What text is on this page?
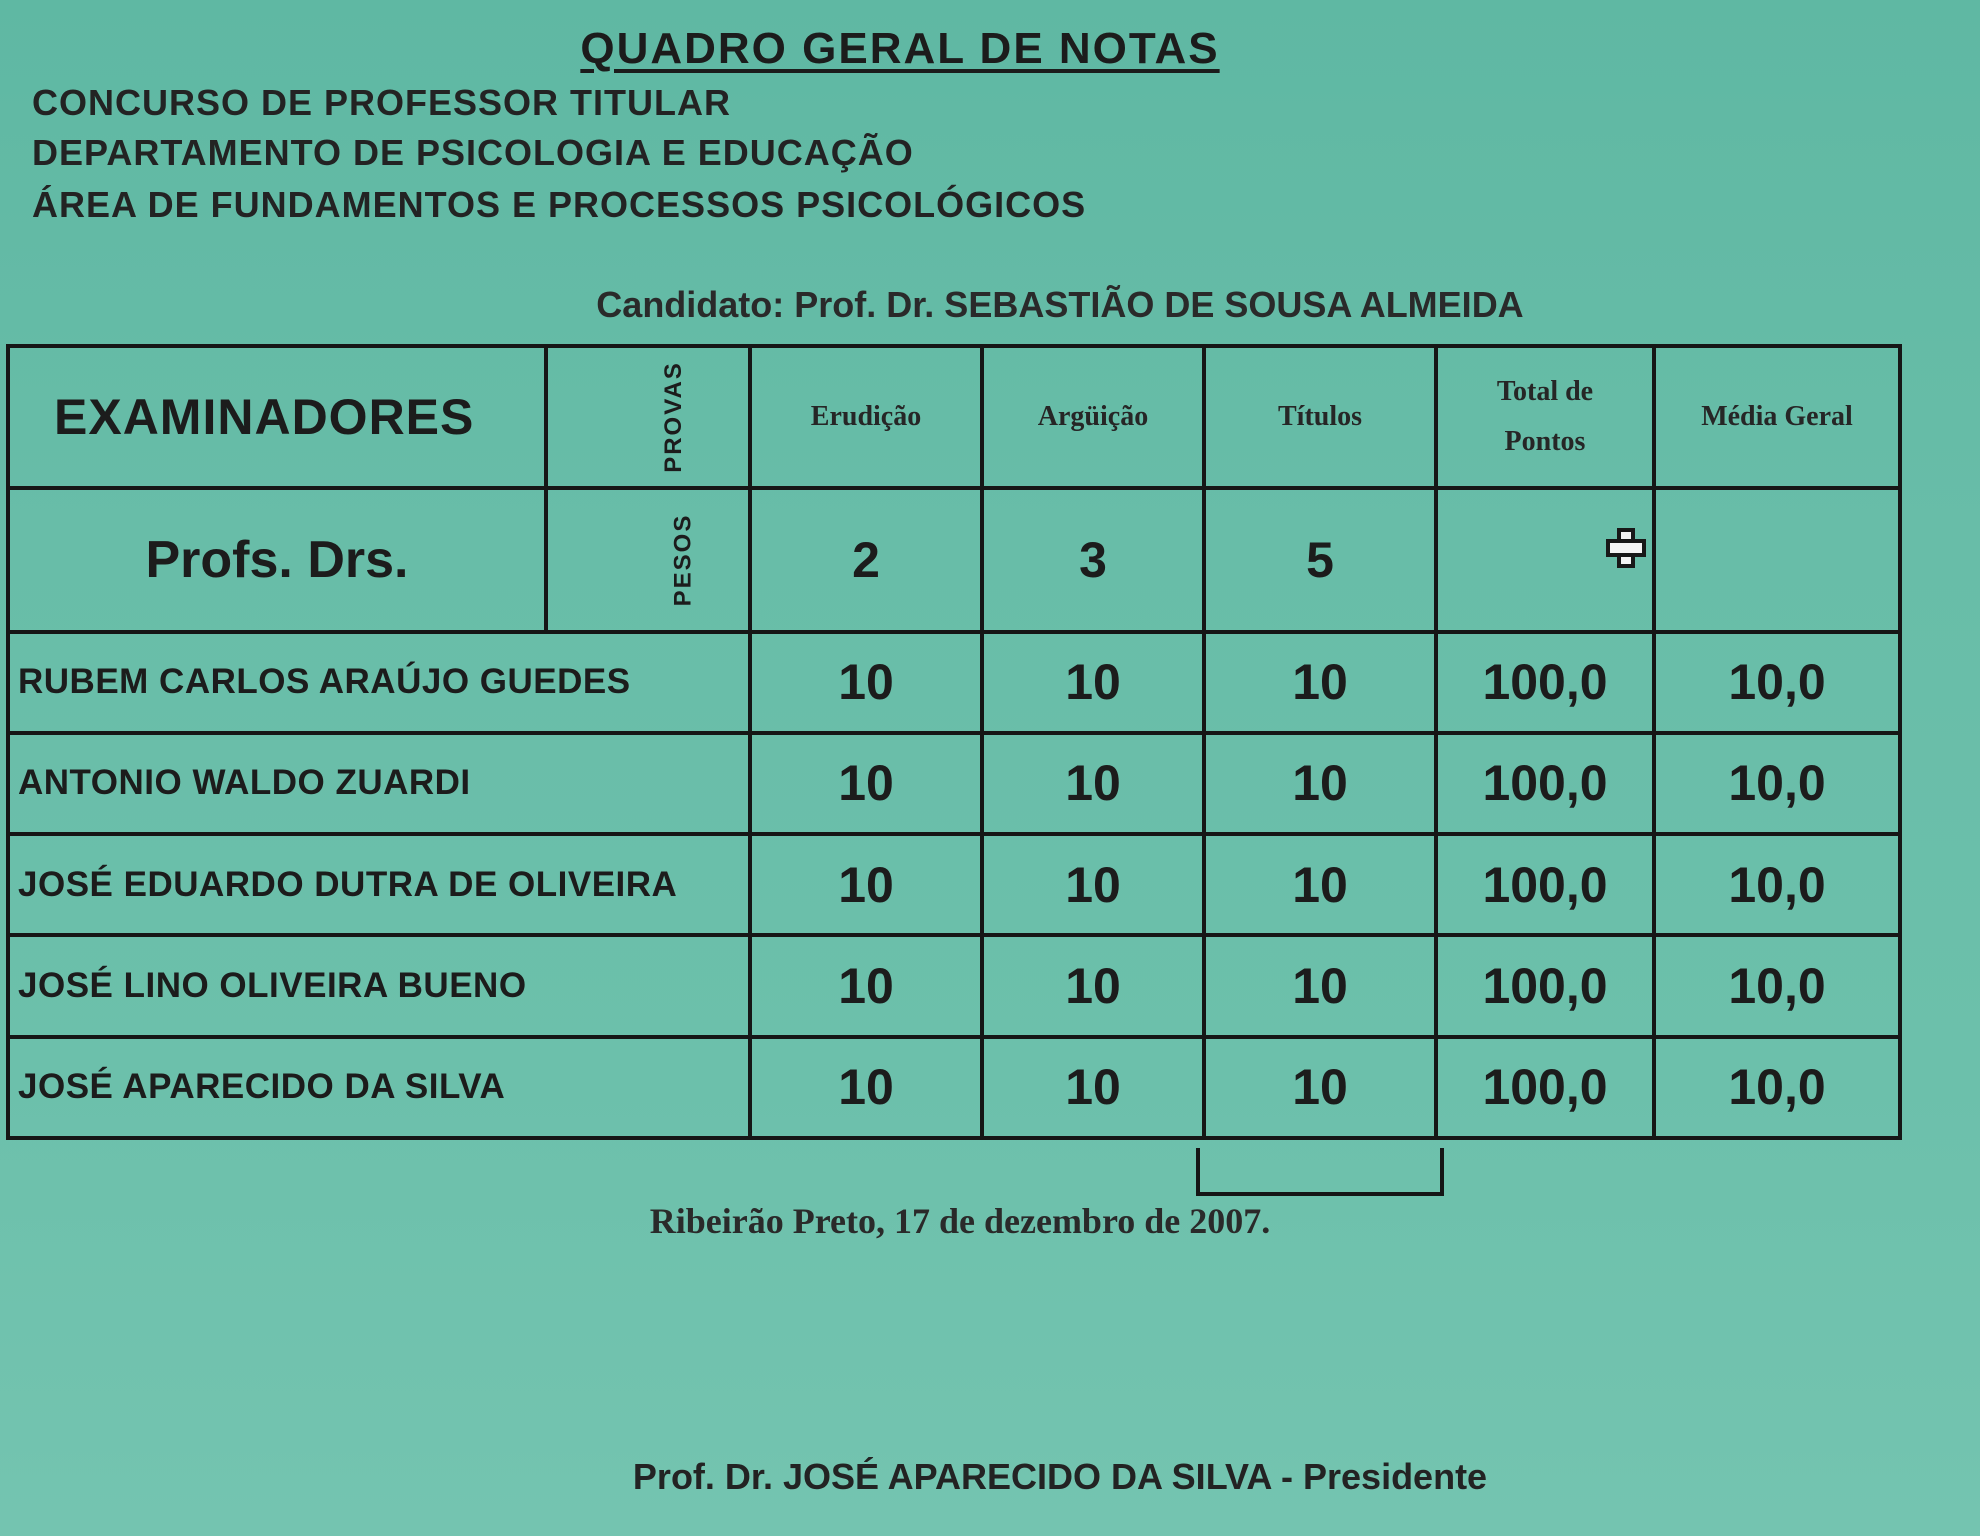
QUADRO GERAL DE NOTAS
CONCURSO DE PROFESSOR TITULAR
DEPARTAMENTO DE PSICOLOGIA E EDUCAÇÃO
ÁREA DE FUNDAMENTOS E PROCESSOS PSICOLÓGICOS
Candidato: Prof. Dr. SEBASTIÃO DE SOUSA ALMEIDA
EXAMINADORES	PROVAS	Erudição	Argüição	Títulos	Total de Pontos	Média Geral
Profs. Drs.	PESOS	2	3	5	

RUBEM CARLOS ARAÚJO GUEDES		10	10	10	100,0	10,0
ANTONIO WALDO ZUARDI		10	10	10	100,0	10,0
JOSÉ EDUARDO DUTRA DE OLIVEIRA		10	10	10	100,0	10,0
JOSÉ LINO OLIVEIRA BUENO		10	10	10	100,0	10,0
JOSÉ APARECIDO DA SILVA		10	10	10	100,0	10,0
Ribeirão Preto, 17 de dezembro de 2007.
Prof. Dr. JOSÉ APARECIDO DA SILVA - Presidente
